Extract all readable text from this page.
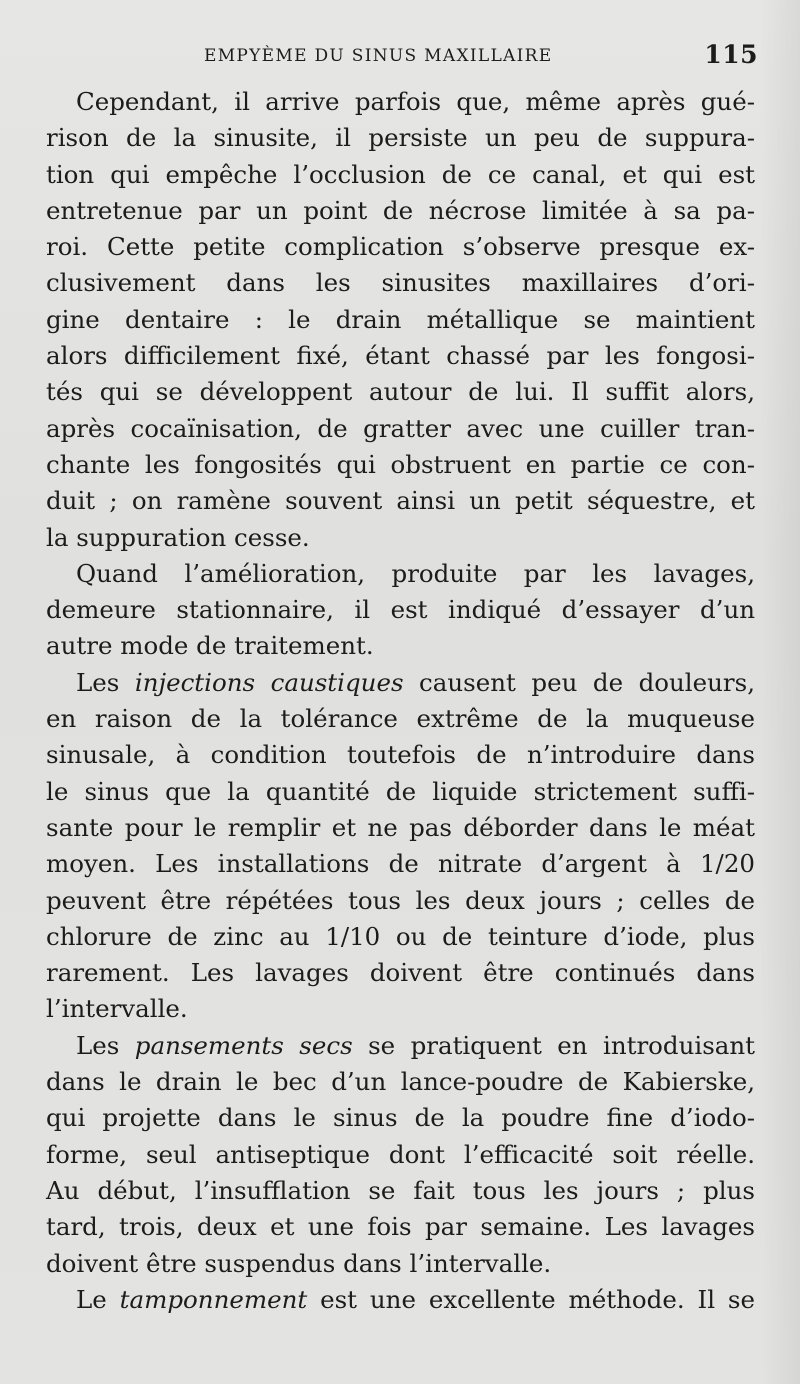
EMPYÈME DU SINUS MAXILLAIRE	115
Cependant, il arrive parfois que, même après gué-
rison de la sinusite, il persiste un peu de suppura-
tion qui empêche l’occlusion de ce canal, et qui est
entretenue par un point de nécrose limitée à sa pa-
roi. Cette petite complication s’observe presque ex-
clusivement dans les sinusites maxillaires d’ori-
gine dentaire : le drain métallique se maintient
alors difficilement fixé, étant chassé par les fongosi-
tés qui se développent autour de lui. Il suffit alors,
après cocaïnisation, de gratter avec une cuiller tran-
chante les fongosités qui obstruent en partie ce con-
duit ; on ramène souvent ainsi un petit séquestre, et
la suppuration cesse.
Quand l’amélioration, produite par les lavages,
demeure stationnaire, il est indiqué d’essayer d’un
autre mode de traitement.
Les injections caustiques causent peu de douleurs,
en raison de la tolérance extrême de la muqueuse
sinusale, à condition toutefois de n’introduire dans
le sinus que la quantité de liquide strictement suffi-
sante pour le remplir et ne pas déborder dans le méat
moyen. Les installations de nitrate d’argent à 1/20
peuvent être répétées tous les deux jours ; celles de
chlorure de zinc au 1/10 ou de teinture d’iode, plus
rarement. Les lavages doivent être continués dans
l’intervalle.
Les pansements secs se pratiquent en introduisant
dans le drain le bec d’un lance-poudre de Kabierske,
qui projette dans le sinus de la poudre fine d’iodo-
forme, seul antiseptique dont l’efficacité soit réelle.
Au début, l’insufflation se fait tous les jours ; plus
tard, trois, deux et une fois par semaine. Les lavages
doivent être suspendus dans l’intervalle.
Le tamponnement est une excellente méthode. Il se
